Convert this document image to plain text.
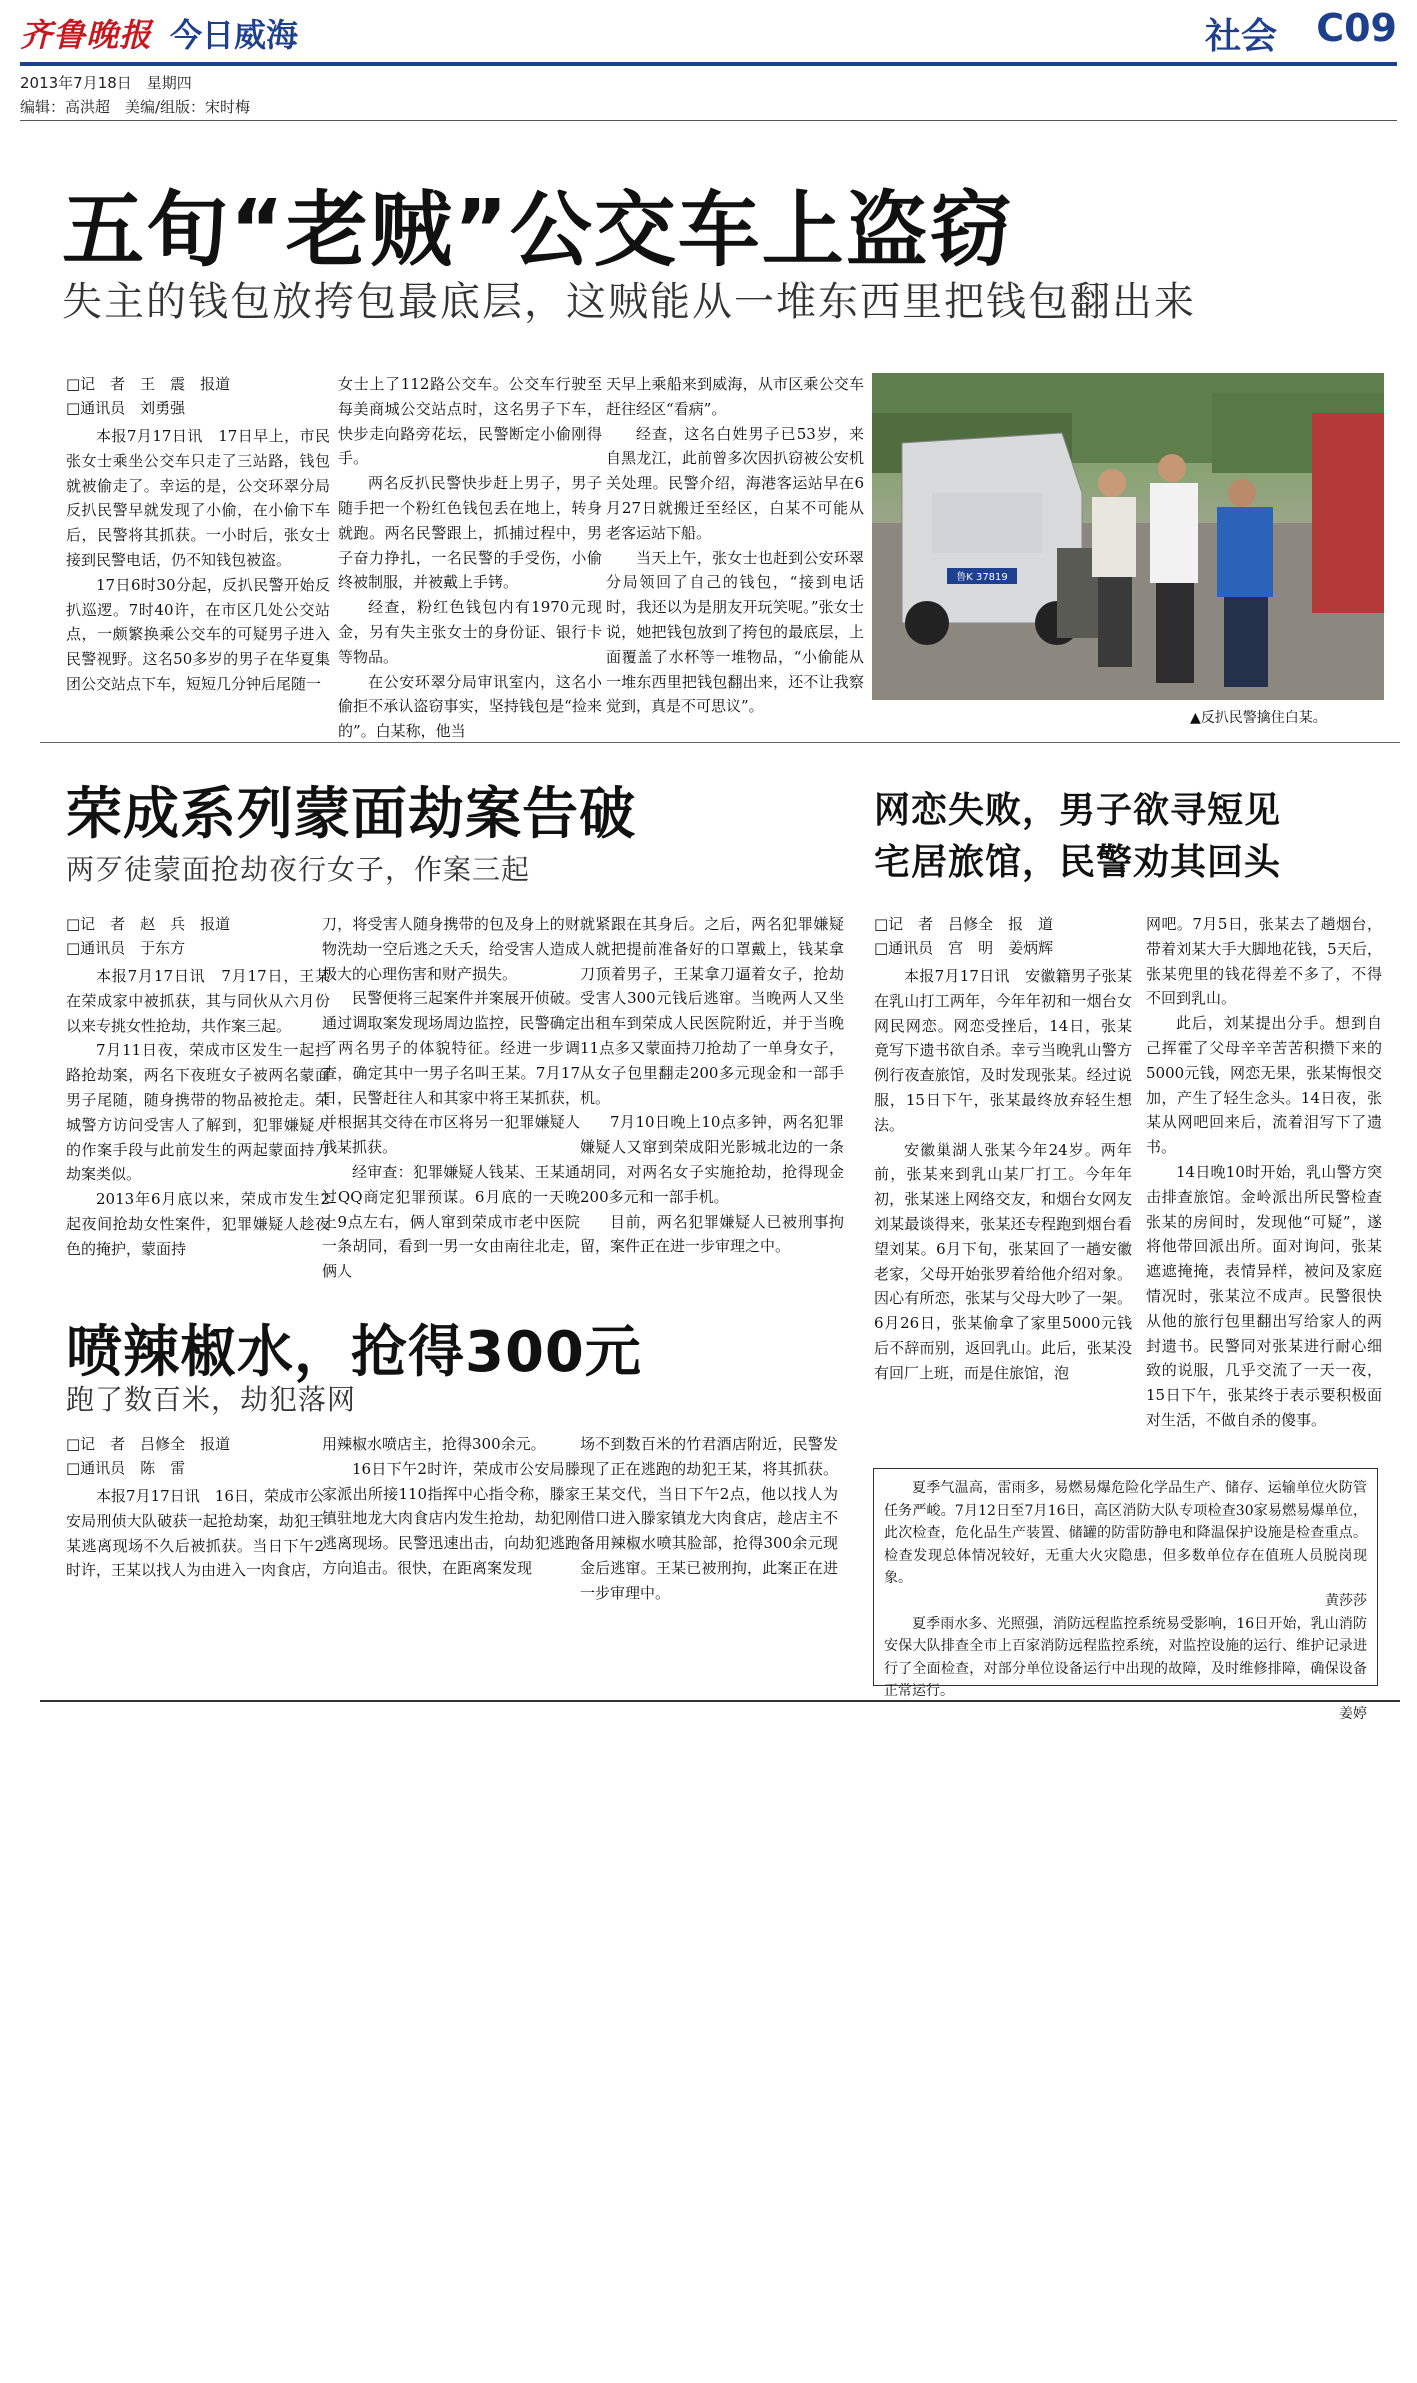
齐鲁晚报 今日威海	社会 C09
2013年7月18日　星期四
编辑：高洪超　美编/组版：宋时梅
五旬“老贼”公交车上盗窃
失主的钱包放挎包最底层，这贼能从一堆东西里把钱包翻出来
□记　者　王　震　报道
□通讯员　刘勇强

本报7月17日讯　17日早上，市民张女士乘坐公交车只走了三站路，钱包就被偷走了。幸运的是，公交环翠分局反扒民警早就发现了小偷，在小偷下车后，民警将其抓获。一小时后，张女士接到民警电话，仍不知钱包被盗。

17日6时30分起，反扒民警开始反扒巡逻。7时40许，在市区几处公交站点，一颇繁换乘公交车的可疑男子进入民警视野。这名50多岁的男子在华夏集团公交站点下车，短短几分钟后尾随一

女士上了112路公交车。公交车行驶至每美商城公交站点时，这名男子下车，快步走向路旁花坛，民警断定小偷刚得手。

两名反扒民警快步赶上男子，男子随手把一个粉红色钱包丢在地上，转身就跑。两名民警跟上，抓捕过程中，男子奋力挣扎，一名民警的手受伤，小偷终被制服，并被戴上手铐。

经查，粉红色钱包内有1970元现金，另有失主张女士的身份证、银行卡等物品。

在公安环翠分局审讯室内，这名小偷拒不承认盗窃事实，坚持钱包是“捡来的”。白某称，他当

天早上乘船来到威海，从市区乘公交车赶往经区“看病”。

经查，这名白姓男子已53岁，来自黑龙江，此前曾多次因扒窃被公安机关处理。民警介绍，海港客运站早在6月27日就搬迁至经区，白某不可能从老客运站下船。

当天上午，张女士也赶到公安环翠分局领回了自己的钱包，“接到电话时，我还以为是朋友开玩笑呢。”张女士说，她把钱包放到了挎包的最底层，上面覆盖了水杯等一堆物品，“小偷能从一堆东西里把钱包翻出来，还不让我察觉到，真是不可思议”。

鲁K 37819
▲反扒民警擒住白某。
荣成系列蒙面劫案告破
两歹徒蒙面抢劫夜行女子，作案三起
□记　者　赵　兵　报道
□通讯员　于东方

本报7月17日讯　7月17日，王某在荣成家中被抓获，其与同伙从六月份以来专挑女性抢劫，共作案三起。

7月11日夜，荣成市区发生一起拦路抢劫案，两名下夜班女子被两名蒙面男子尾随，随身携带的物品被抢走。荣城警方访问受害人了解到，犯罪嫌疑人的作案手段与此前发生的两起蒙面持刀劫案类似。

2013年6月底以来，荣成市发生2起夜间抢劫女性案件，犯罪嫌疑人趁夜色的掩护，蒙面持

刀，将受害人随身携带的包及身上的财物洗劫一空后逃之夭夭，给受害人造成极大的心理伤害和财产损失。

民警便将三起案件并案展开侦破。通过调取案发现场周边监控，民警确定了两名男子的体貌特征。经进一步调查，确定其中一男子名叫王某。7月17日，民警赶往人和其家中将王某抓获，并根据其交待在市区将另一犯罪嫌疑人钱某抓获。

经审查：犯罪嫌疑人钱某、王某通过QQ商定犯罪预谋。6月底的一天晚上9点左右，俩人窜到荣成市老中医院一条胡同，看到一男一女由南往北走，俩人

就紧跟在其身后。之后，两名犯罪嫌疑人就把提前准备好的口罩戴上，钱某拿刀顶着男子，王某拿刀逼着女子，抢劫受害人300元钱后逃窜。当晚两人又坐出租车到荣成人民医院附近，并于当晚11点多又蒙面持刀抢劫了一单身女子，从女子包里翻走200多元现金和一部手机。

7月10日晚上10点多钟，两名犯罪嫌疑人又窜到荣成阳光影城北边的一条胡同，对两名女子实施抢劫，抢得现金200多元和一部手机。

目前，两名犯罪嫌疑人已被刑事拘留，案件正在进一步审理之中。

网恋失败，男子欲寻短见
宅居旅馆，民警劝其回头
□记　者　吕修全　报　道
□通讯员　宫　明　姜炳辉

本报7月17日讯　安徽籍男子张某在乳山打工两年，今年年初和一烟台女网民网恋。网恋受挫后，14日，张某竟写下遗书欲自杀。幸亏当晚乳山警方例行夜查旅馆，及时发现张某。经过说服，15日下午，张某最终放弃轻生想法。

安徽巢湖人张某今年24岁。两年前，张某来到乳山某厂打工。今年年初，张某迷上网络交友，和烟台女网友刘某最谈得来，张某还专程跑到烟台看望刘某。6月下旬，张某回了一趟安徽老家，父母开始张罗着给他介绍对象。因心有所恋，张某与父母大吵了一架。6月26日，张某偷拿了家里5000元钱后不辞而别，返回乳山。此后，张某没有回厂上班，而是住旅馆，泡

网吧。7月5日，张某去了趟烟台，带着刘某大手大脚地花钱，5天后，张某兜里的钱花得差不多了，不得不回到乳山。

此后，刘某提出分手。想到自己挥霍了父母辛辛苦苦积攒下来的5000元钱，网恋无果，张某悔恨交加，产生了轻生念头。14日夜，张某从网吧回来后，流着泪写下了遗书。

14日晚10时开始，乳山警方突击排查旅馆。金岭派出所民警检查张某的房间时，发现他“可疑”，遂将他带回派出所。面对询问，张某遮遮掩掩，表情异样，被问及家庭情况时，张某泣不成声。民警很快从他的旅行包里翻出写给家人的两封遗书。民警同对张某进行耐心细致的说服，几乎交流了一天一夜，15日下午，张某终于表示要积极面对生活，不做自杀的傻事。

喷辣椒水，抢得300元
跑了数百米，劫犯落网
□记　者　吕修全　报道
□通讯员　陈　雷

本报7月17日讯　16日，荣成市公安局刑侦大队破获一起抢劫案，劫犯王某逃离现场不久后被抓获。当日下午2时许，王某以找人为由进入一肉食店，

用辣椒水喷店主，抢得300余元。

16日下午2时许，荣成市公安局滕家派出所接110指挥中心指令称，滕家镇驻地龙大肉食店内发生抢劫，劫犯刚逃离现场。民警迅速出击，向劫犯逃跑方向追击。很快，在距离案发现

场不到数百米的竹君酒店附近，民警发现了正在逃跑的劫犯王某，将其抓获。王某交代，当日下午2点，他以找人为借口进入滕家镇龙大肉食店，趁店主不备用辣椒水喷其脸部，抢得300余元现金后逃窜。王某已被刑拘，此案正在进一步审理中。

夏季气温高，雷雨多，易燃易爆危险化学品生产、储存、运输单位火防管任务严峻。7月12日至7月16日，高区消防大队专项检查30家易燃易爆单位，此次检查，危化品生产装置、储罐的防雷防静电和降温保护设施是检查重点。检查发现总体情况较好，无重大火灾隐患，但多数单位存在值班人员脱岗现象。

黄莎莎

夏季雨水多、光照强，消防远程监控系统易受影响，16日开始，乳山消防安保大队排查全市上百家消防远程监控系统，对监控设施的运行、维护记录进行了全面检查，对部分单位设备运行中出现的故障，及时维修排障，确保设备正常运行。

姜婷
